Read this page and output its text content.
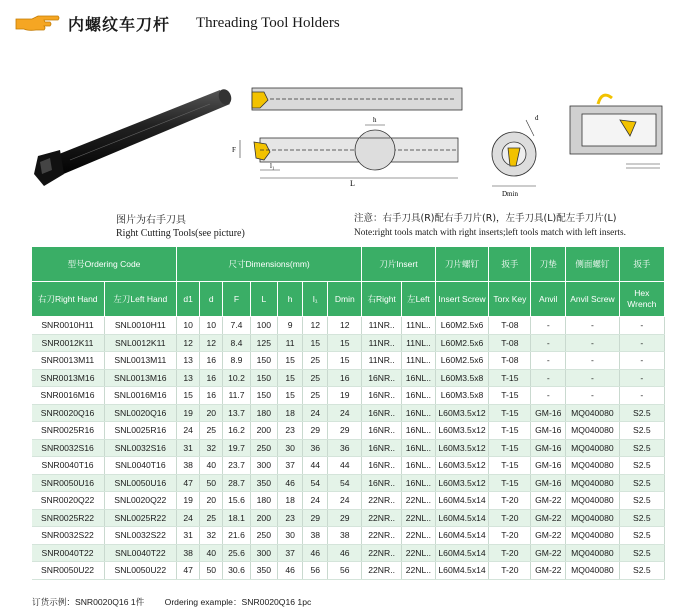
内螺纹车刀杆 Threading Tool Holders
L
l₁
F
h	d
Dmin
图片为右手刀具
Right Cutting Tools(see picture)
注意：右手刀具(R)配右手刀片(R)，左手刀具(L)配左手刀片(L)
Note:right tools match with right inserts;left tools match with left inserts.
型号Ordering Code		尺寸Dimensions(mm)							刀片Insert		刀片螺钉	扳手	刀垫	侧面螺钉	扳手
右刀Right Hand	左刀Left Hand	d1	d	F	L	h	l₁	Dmin	右Right	左Left	Insert Screw	Torx Key	Anvil	Anvil Screw	Hex Wrench
SNR0010H11	SNL0010H11	10	10	7.4	100	9	12	12	11NR..	11NL..	L60M2.5x6	T-08	-	-	-
SNR0012K11	SNL0012K11	12	12	8.4	125	11	15	15	11NR..	11NL..	L60M2.5x6	T-08	-	-	-
SNR0013M11	SNL0013M11	13	16	8.9	150	15	25	15	11NR..	11NL..	L60M2.5x6	T-08	-	-	-
SNR0013M16	SNL0013M16	13	16	10.2	150	15	25	16	16NR..	16NL..	L60M3.5x8	T-15	-	-	-
SNR0016M16	SNL0016M16	15	16	11.7	150	15	25	19	16NR..	16NL..	L60M3.5x8	T-15	-	-	-
SNR0020Q16	SNL0020Q16	19	20	13.7	180	18	24	24	16NR..	16NL..	L60M3.5x12	T-15	GM-16	MQ040080	S2.5
SNR0025R16	SNL0025R16	24	25	16.2	200	23	29	29	16NR..	16NL..	L60M3.5x12	T-15	GM-16	MQ040080	S2.5
SNR0032S16	SNL0032S16	31	32	19.7	250	30	36	36	16NR..	16NL..	L60M3.5x12	T-15	GM-16	MQ040080	S2.5
SNR0040T16	SNL0040T16	38	40	23.7	300	37	44	44	16NR..	16NL..	L60M3.5x12	T-15	GM-16	MQ040080	S2.5
SNR0050U16	SNL0050U16	47	50	28.7	350	46	54	54	16NR..	16NL..	L60M3.5x12	T-15	GM-16	MQ040080	S2.5
SNR0020Q22	SNL0020Q22	19	20	15.6	180	18	24	24	22NR..	22NL..	L60M4.5x14	T-20	GM-22	MQ040080	S2.5
SNR0025R22	SNL0025R22	24	25	18.1	200	23	29	29	22NR..	22NL..	L60M4.5x14	T-20	GM-22	MQ040080	S2.5
SNR0032S22	SNL0032S22	31	32	21.6	250	30	38	38	22NR..	22NL..	L60M4.5x14	T-20	GM-22	MQ040080	S2.5
SNR0040T22	SNL0040T22	38	40	25.6	300	37	46	46	22NR..	22NL..	L60M4.5x14	T-20	GM-22	MQ040080	S2.5
SNR0050U22	SNL0050U22	47	50	30.6	350	46	56	56	22NR..	22NL..	L60M4.5x14	T-20	GM-22	MQ040080	S2.5
订货示例：SNR0020Q16 1件 Ordering example：SNR0020Q16 1pc
